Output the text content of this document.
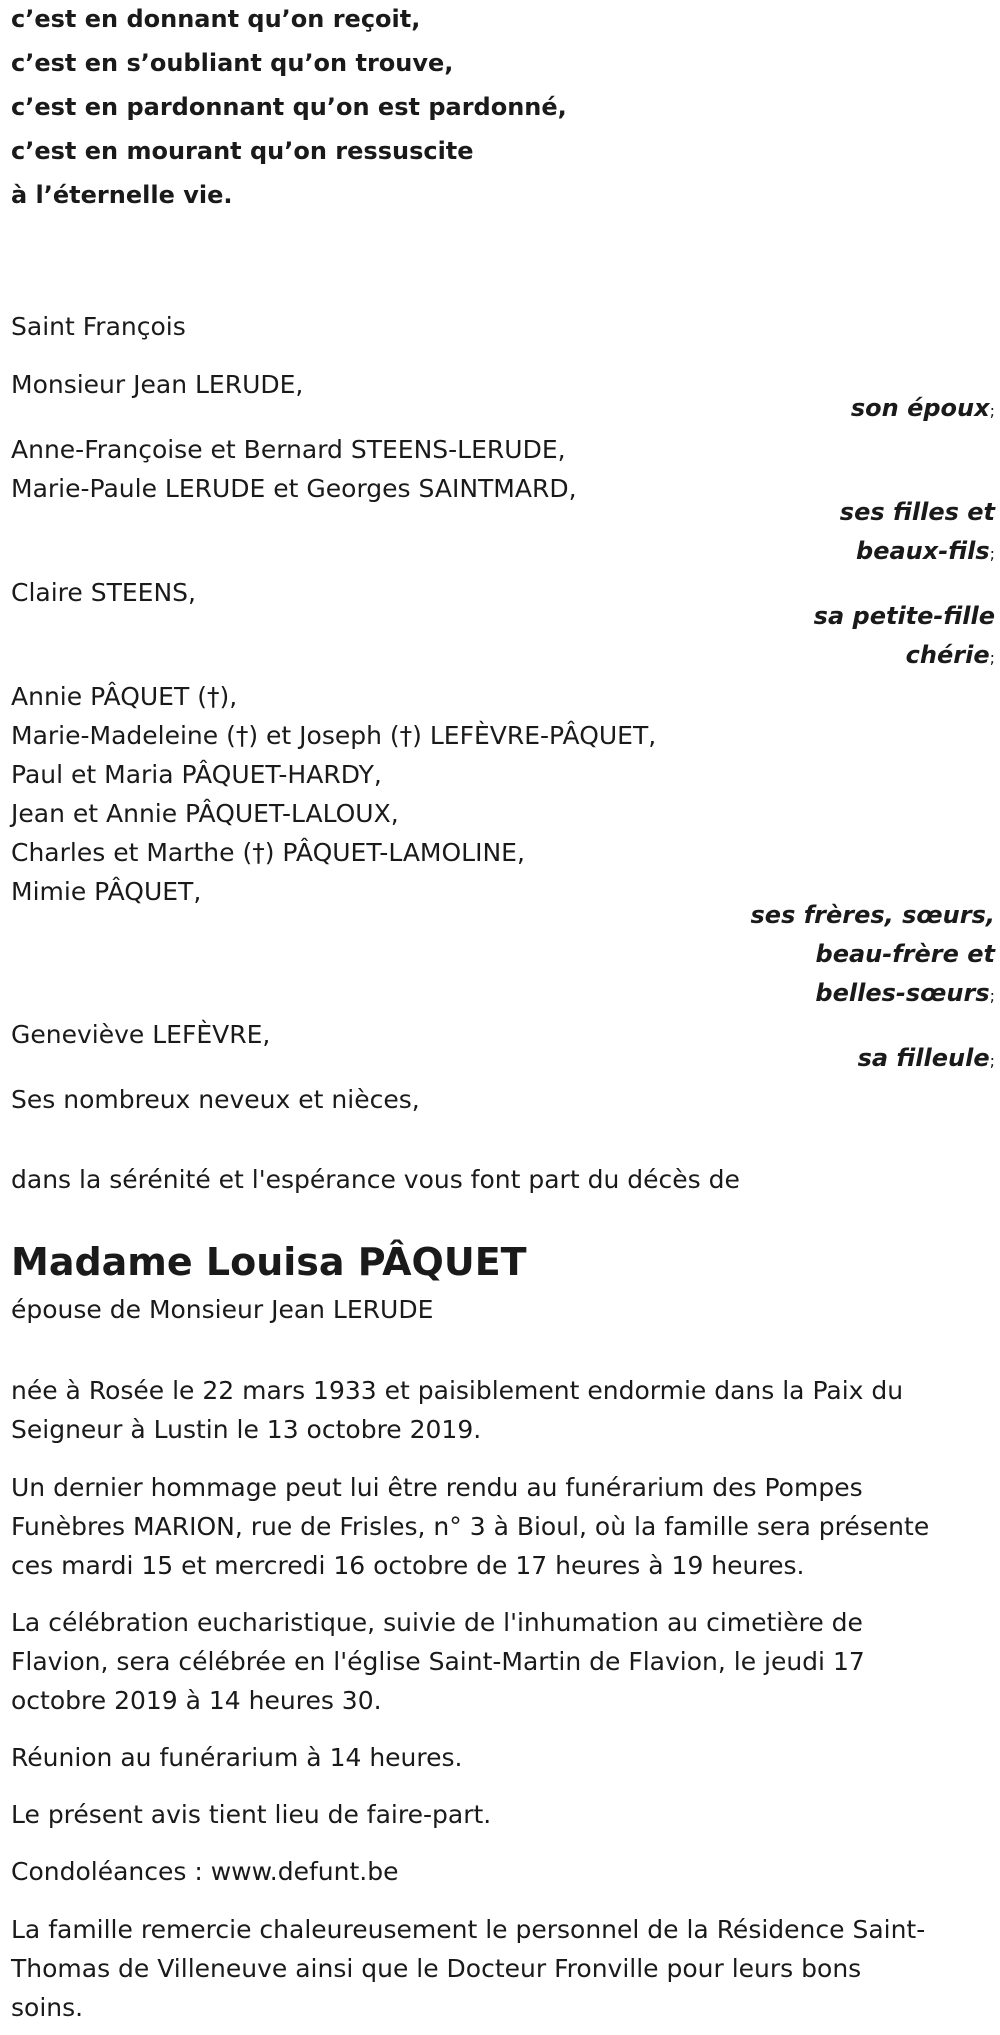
c’est en donnant qu’on reçoit,
c’est en s’oubliant qu’on trouve,
c’est en pardonnant qu’on est pardonné,
c’est en mourant qu’on ressuscite
à l’éternelle vie.
Saint François
Monsieur Jean LERUDE,
son époux;
Anne-Françoise et Bernard STEENS-LERUDE,
Marie-Paule LERUDE et Georges SAINTMARD,
ses filles et
beaux-fils;
Claire STEENS,
sa petite-fille
chérie;
Annie PÂQUET (†),
Marie-Madeleine (†) et Joseph (†) LEFÈVRE-PÂQUET,
Paul et Maria PÂQUET-HARDY,
Jean et Annie PÂQUET-LALOUX,
Charles et Marthe (†) PÂQUET-LAMOLINE,
Mimie PÂQUET,
ses frères, sœurs,
beau-frère et
belles-sœurs;
Geneviève LEFÈVRE,
sa filleule;
Ses nombreux neveux et nièces,
dans la sérénité et l'espérance vous font part du décès de
Madame Louisa PÂQUET
épouse de Monsieur Jean LERUDE
née à Rosée le 22 mars 1933 et paisiblement endormie dans la Paix du
Seigneur à Lustin le 13 octobre 2019.
Un dernier hommage peut lui être rendu au funérarium des Pompes
Funèbres MARION, rue de Frisles, n° 3 à Bioul, où la famille sera présente
ces mardi 15 et mercredi 16 octobre de 17 heures à 19 heures.
La célébration eucharistique, suivie de l'inhumation au cimetière de
Flavion, sera célébrée en l'église Saint-Martin de Flavion, le jeudi 17
octobre 2019 à 14 heures 30.
Réunion au funérarium à 14 heures.
Le présent avis tient lieu de faire-part.
Condoléances : www.defunt.be
La famille remercie chaleureusement le personnel de la Résidence Saint-
Thomas de Villeneuve ainsi que le Docteur Fronville pour leurs bons
soins.
